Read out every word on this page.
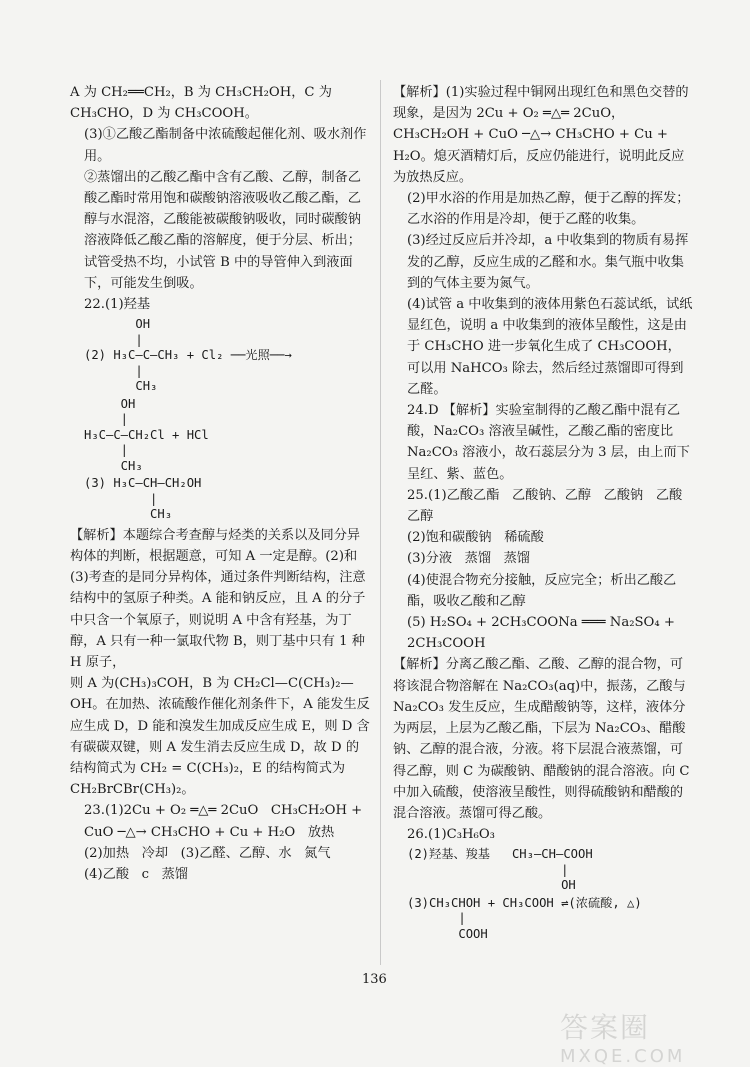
A 为 CH₂══CH₂，B 为 CH₃CH₂OH，C 为 CH₃CHO，D 为 CH₃COOH。

(3)①乙酸乙酯制备中浓硫酸起催化剂、吸水剂作用。

②蒸馏出的乙酸乙酯中含有乙酸、乙醇，制备乙酸乙酯时常用饱和碳酸钠溶液吸收乙酸乙酯，乙醇与水混溶，乙酸能被碳酸钠吸收，同时碳酸钠溶液降低乙酸乙酯的溶解度，便于分层、析出；试管受热不均，小试管 B 中的导管伸入到液面下，可能发生倒吸。

22.(1)羟基

OH
|
(2) H₃C—C—CH₃ + Cl₂ ──光照──→
|
CH₃
OH
|
H₃C—C—CH₂Cl + HCl
|
CH₃
(3) H₃C—CH—CH₂OH
|
CH₃

【解析】本题综合考查醇与烃类的关系以及同分异构体的判断，根据题意，可知 A 一定是醇。(2)和(3)考查的是同分异构体，通过条件判断结构，注意结构中的氢原子种类。A 能和钠反应，且 A 的分子中只含一个氧原子，则说明 A 中含有羟基，为丁醇，A 只有一种一氯取代物 B，则丁基中只有 1 种 H 原子，

则 A 为(CH₃)₃COH，B 为 CH₂Cl—C(CH₃)₂—OH。在加热、浓硫酸作催化剂条件下，A 能发生反应生成 D，D 能和溴发生加成反应生成 E，则 D 含有碳碳双键，则 A 发生消去反应生成 D，故 D 的结构简式为 CH₂ = C(CH₃)₂，E 的结构简式为 CH₂BrCBr(CH₃)₂。

23.(1)2Cu + O₂ ═△═ 2CuO   CH₃CH₂OH + CuO ─△→ CH₃CHO + Cu + H₂O   放热

(2)加热   冷却   (3)乙醛、乙醇、水   氮气

(4)乙酸   c   蒸馏

【解析】(1)实验过程中铜网出现红色和黑色交替的现象，是因为 2Cu + O₂ ═△═ 2CuO，CH₃CH₂OH + CuO ─△→ CH₃CHO + Cu + H₂O。熄灭酒精灯后，反应仍能进行，说明此反应为放热反应。

(2)甲水浴的作用是加热乙醇，便于乙醇的挥发；乙水浴的作用是冷却，便于乙醛的收集。

(3)经过反应后并冷却，a 中收集到的物质有易挥发的乙醇，反应生成的乙醛和水。集气瓶中收集到的气体主要为氮气。

(4)试管 a 中收集到的液体用紫色石蕊试纸，试纸显红色，说明 a 中收集到的液体呈酸性，这是由于 CH₃CHO 进一步氧化生成了 CH₃COOH，可以用 NaHCO₃ 除去，然后经过蒸馏即可得到乙醛。

24.D 【解析】实验室制得的乙酸乙酯中混有乙酸，Na₂CO₃ 溶液呈碱性，乙酸乙酯的密度比 Na₂CO₃ 溶液小，故石蕊层分为 3 层，由上而下呈红、紫、蓝色。

25.(1)乙酸乙酯   乙酸钠、乙醇   乙酸钠   乙酸   乙醇

(2)饱和碳酸钠   稀硫酸

(3)分液   蒸馏   蒸馏

(4)使混合物充分接触，反应完全；析出乙酸乙酯，吸收乙酸和乙醇

(5) H₂SO₄ + 2CH₃COONa ═══ Na₂SO₄ + 2CH₃COOH

【解析】分离乙酸乙酯、乙酸、乙醇的混合物，可将该混合物溶解在 Na₂CO₃(aq)中，振荡，乙酸与 Na₂CO₃ 发生反应，生成醋酸钠等，这样，液体分为两层，上层为乙酸乙酯，下层为 Na₂CO₃、醋酸钠、乙醇的混合液，分液。将下层混合液蒸馏，可得乙醇，则 C 为碳酸钠、醋酸钠的混合溶液。向 C 中加入硫酸，使溶液呈酸性，则得硫酸钠和醋酸的混合溶液。蒸馏可得乙酸。

26.(1)C₃H₆O₃

(2)羟基、羧基   CH₃—CH—COOH
|
OH
(3)CH₃CHOH + CH₃COOH ⇌(浓硫酸, △)
|
COOH
136
答案圈
MXQE.COM
